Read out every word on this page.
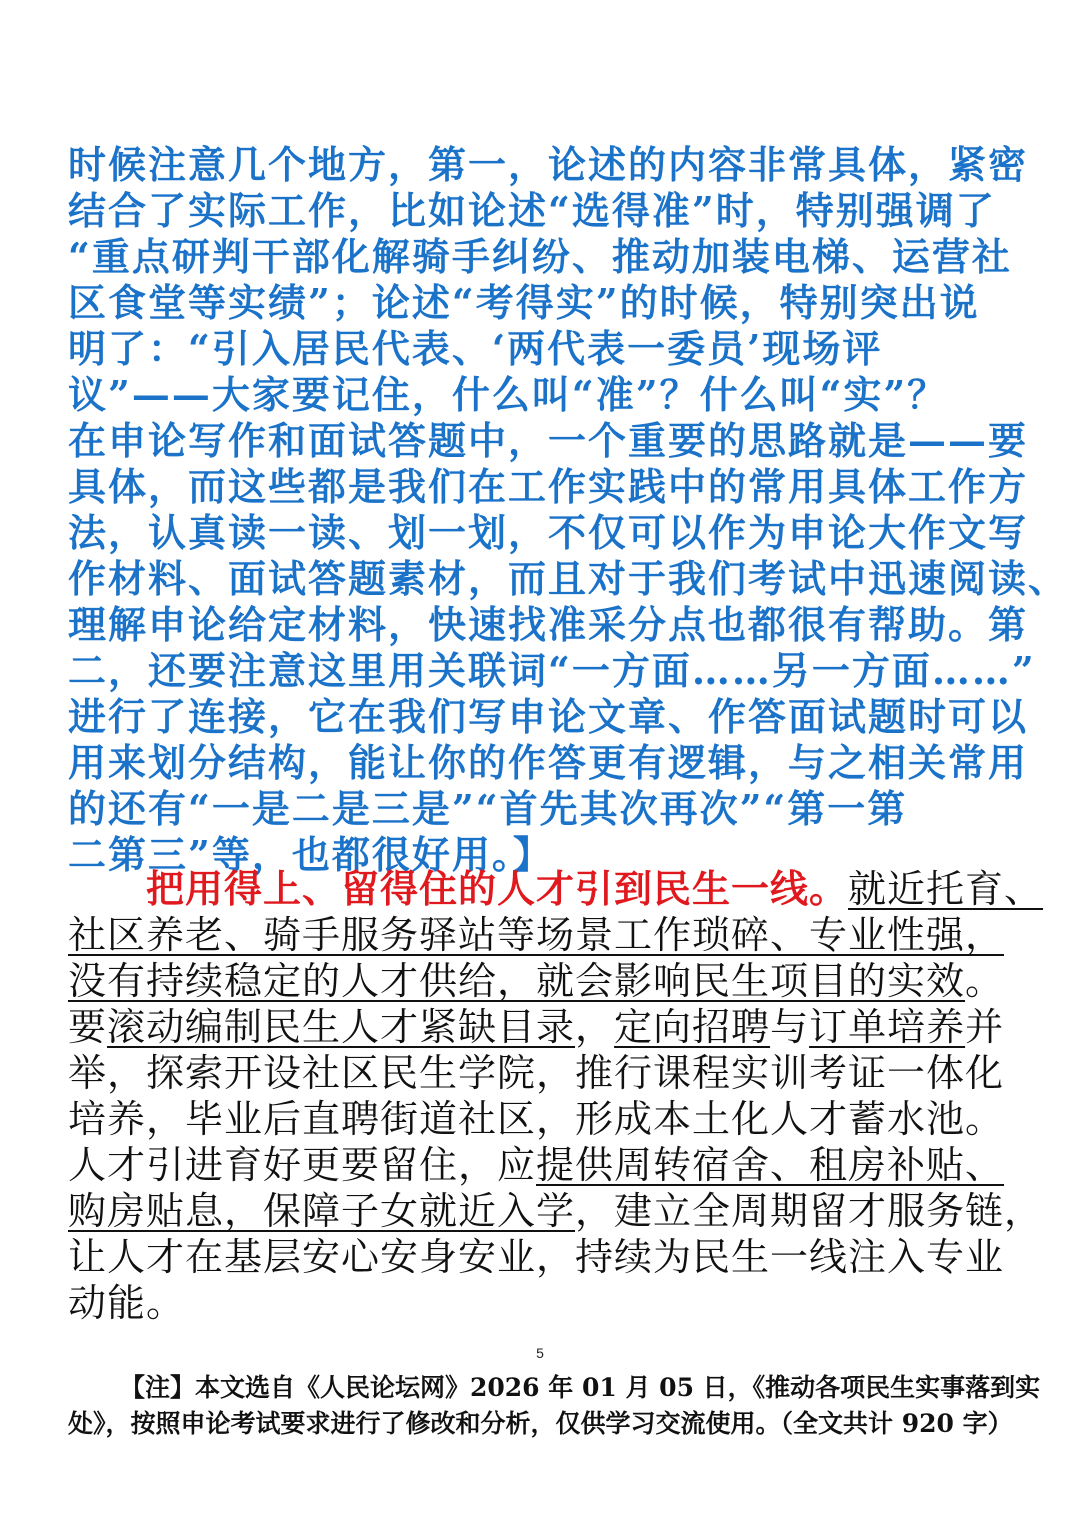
时候注意几个地方，第一，论述的内容非常具体，紧密
结合了实际工作，比如论述“选得准”时，特别强调了
“重点研判干部化解骑手纠纷、推动加装电梯、运营社
区食堂等实绩”；论述“考得实”的时候，特别突出说
明了：“引入居民代表、‘两代表一委员’现场评
议”——大家要记住，什么叫“准”？什么叫“实”？
在申论写作和面试答题中，一个重要的思路就是——要
具体，而这些都是我们在工作实践中的常用具体工作方
法，认真读一读、划一划，不仅可以作为申论大作文写
作材料、面试答题素材，而且对于我们考试中迅速阅读、
理解申论给定材料，快速找准采分点也都很有帮助。第
二，还要注意这里用关联词“一方面……另一方面……”
进行了连接，它在我们写申论文章、作答面试题时可以
用来划分结构，能让你的作答更有逻辑，与之相关常用
的还有“一是二是三是”“首先其次再次”“第一第
二第三”等，也都很好用。】
把用得上、留得住的人才引到民生一线。就近托育、
社区养老、骑手服务驿站等场景工作琐碎、专业性强，
没有持续稳定的人才供给，就会影响民生项目的实效。
要滚动编制民生人才紧缺目录，定向招聘与订单培养并
举，探索开设社区民生学院，推行课程实训考证一体化
培养，毕业后直聘街道社区，形成本土化人才蓄水池。
人才引进育好更要留住，应提供周转宿舍、租房补贴、
购房贴息，保障子女就近入学，建立全周期留才服务链，
让人才在基层安心安身安业，持续为民生一线注入专业
动能。
5
【注】本文选自《人民论坛网》2026 年 01 月 05 日，《推动各项民生实事落到实
处》，按照申论考试要求进行了修改和分析，仅供学习交流使用。（全文共计 920 字）
